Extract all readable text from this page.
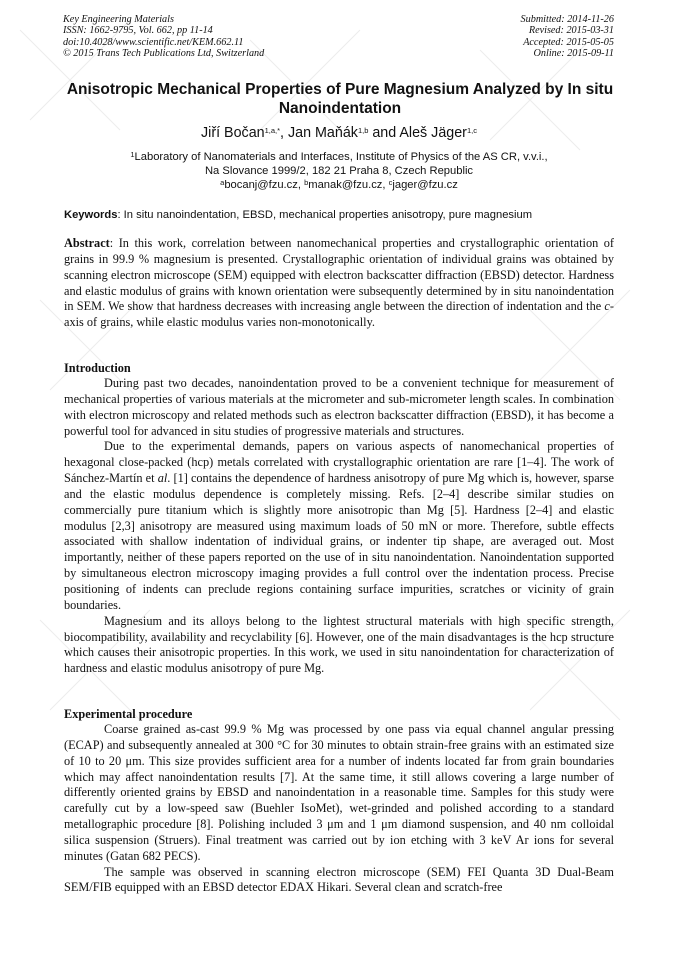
Key Engineering Materials
ISSN: 1662-9795, Vol. 662, pp 11-14
doi:10.4028/www.scientific.net/KEM.662.11
© 2015 Trans Tech Publications Ltd, Switzerland
Submitted: 2014-11-26
Revised: 2015-03-31
Accepted: 2015-05-05
Online: 2015-09-11
Anisotropic Mechanical Properties of Pure Magnesium Analyzed by In situ Nanoindentation
Jiří Bočan$^{1,a,*}$, Jan Maňák$^{1,b}$ and Aleš Jäger$^{1,c}$
$^1$Laboratory of Nanomaterials and Interfaces, Institute of Physics of the AS CR, v.v.i.,
Na Slovance 1999/2, 182 21 Praha 8, Czech Republic
$^a$bocanj@fzu.cz, $^b$manak@fzu.cz, $^c$jager@fzu.cz
Keywords: In situ nanoindentation, EBSD, mechanical properties anisotropy, pure magnesium

Abstract: In this work, correlation between nanomechanical properties and crystallographic orientation of grains in 99.9 % magnesium is presented. Crystallographic orientation of individual grains was obtained by scanning electron microscope (SEM) equipped with electron backscatter diffraction (EBSD) detector. Hardness and elastic modulus of grains with known orientation were subsequently determined by in situ nanoindentation in SEM. We show that hardness decreases with increasing angle between the direction of indentation and the c-axis of grains, while elastic modulus varies non-monotonically.

Introduction

During past two decades, nanoindentation proved to be a convenient technique for measurement of mechanical properties of various materials at the micrometer and sub-micrometer length scales. In combination with electron microscopy and related methods such as electron backscatter diffraction (EBSD), it has become a powerful tool for advanced in situ studies of progressive materials and structures.

Due to the experimental demands, papers on various aspects of nanomechanical properties of hexagonal close-packed (hcp) metals correlated with crystallographic orientation are rare [1–4]. The work of Sánchez-Martín et al. [1] contains the dependence of hardness anisotropy of pure Mg which is, however, sparse and the elastic modulus dependence is completely missing. Refs. [2–4] describe similar studies on commercially pure titanium which is slightly more anisotropic than Mg [5]. Hardness [2–4] and elastic modulus [2,3] anisotropy are measured using maximum loads of 50 mN or more. Therefore, subtle effects associated with shallow indentation of individual grains, or indenter tip shape, are averaged out. Most importantly, neither of these papers reported on the use of in situ nanoindentation. Nanoindentation supported by simultaneous electron microscopy imaging provides a full control over the indentation process. Precise positioning of indents can preclude regions containing surface impurities, scratches or vicinity of grain boundaries.

Magnesium and its alloys belong to the lightest structural materials with high specific strength, biocompatibility, availability and recyclability [6]. However, one of the main disadvantages is the hcp structure which causes their anisotropic properties. In this work, we used in situ nanoindentation for characterization of hardness and elastic modulus anisotropy of pure Mg.

Experimental procedure

Coarse grained as-cast 99.9 % Mg was processed by one pass via equal channel angular pressing (ECAP) and subsequently annealed at 300 °C for 30 minutes to obtain strain-free grains with an estimated size of 10 to 20 μm. This size provides sufficient area for a number of indents located far from grain boundaries which may affect nanoindentation results [7]. At the same time, it still allows covering a large number of differently oriented grains by EBSD and nanoindentation in a reasonable time. Samples for this study were carefully cut by a low-speed saw (Buehler IsoMet), wet-grinded and polished according to a standard metallographic procedure [8]. Polishing included 3 μm and 1 μm diamond suspension, and 40 nm colloidal silica suspension (Struers). Final treatment was carried out by ion etching with 3 keV Ar ions for several minutes (Gatan 682 PECS).

The sample was observed in scanning electron microscope (SEM) FEI Quanta 3D Dual-Beam SEM/FIB equipped with an EBSD detector EDAX Hikari. Several clean and scratch-free
